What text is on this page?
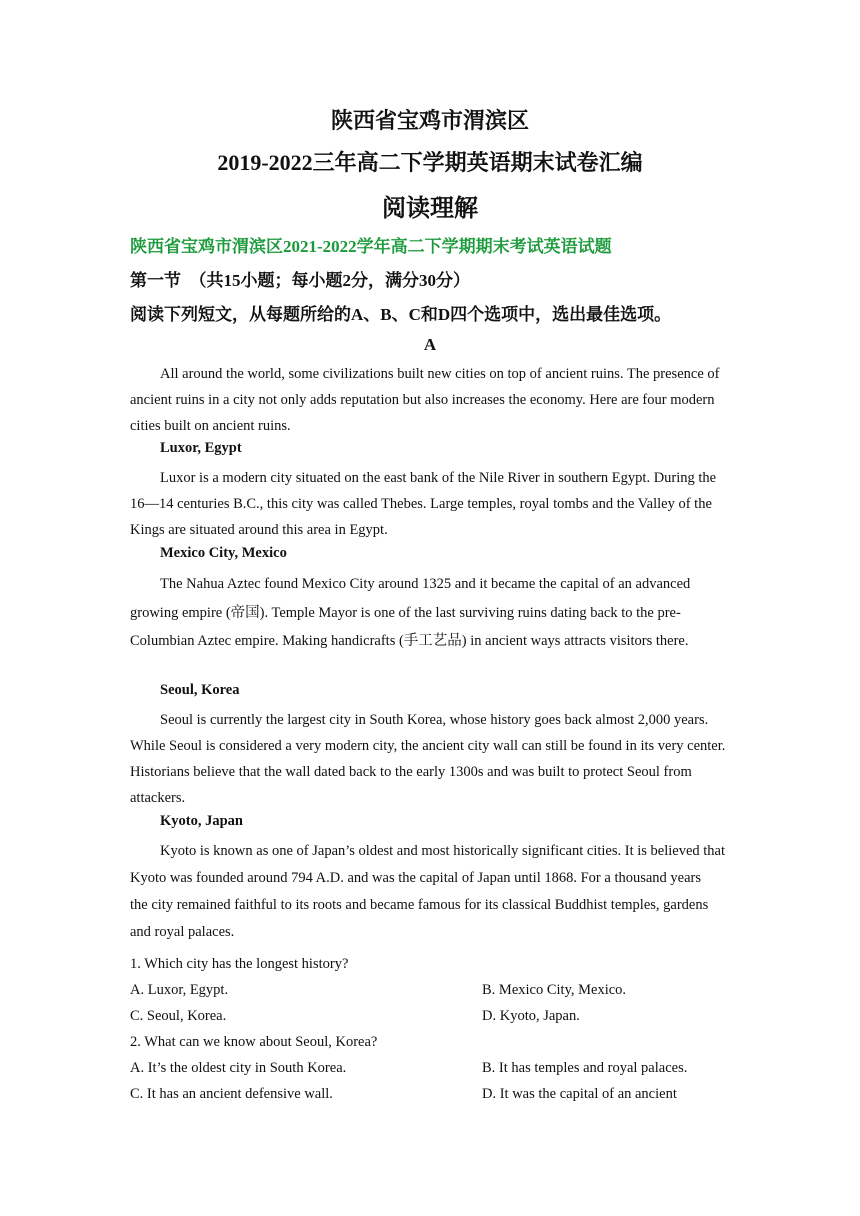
陕西省宝鸡市渭滨区
2019-2022三年高二下学期英语期末试卷汇编
阅读理解
陕西省宝鸡市渭滨区2021-2022学年高二下学期期末考试英语试题
第一节　（共15小题；每小题2分，满分30分）
阅读下列短文，从每题所给的A、B、C和D四个选项中，选出最佳选项。
A
All around the world, some civilizations built new cities on top of ancient ruins. The presence of ancient ruins in a city not only adds reputation but also increases the economy. Here are four modern cities built on ancient ruins.
Luxor, Egypt
Luxor is a modern city situated on the east bank of the Nile River in southern Egypt. During the 16—14 centuries B.C., this city was called Thebes. Large temples, royal tombs and the Valley of the Kings are situated around this area in Egypt.
Mexico City, Mexico
The Nahua Aztec found Mexico City around 1325 and it became the capital of an advanced growing empire (帝国). Temple Mayor is one of the last surviving ruins dating back to the pre-Columbian Aztec empire. Making handicrafts (手工艺品) in ancient ways attracts visitors there.
Seoul, Korea
Seoul is currently the largest city in South Korea, whose history goes back almost 2,000 years. While Seoul is considered a very modern city, the ancient city wall can still be found in its very center. Historians believe that the wall dated back to the early 1300s and was built to protect Seoul from attackers.
Kyoto, Japan
Kyoto is known as one of Japan’s oldest and most historically significant cities. It is believed that Kyoto was founded around 794 A.D. and was the capital of Japan until 1868. For a thousand years　the city remained faithful to its roots and became famous for its classical Buddhist temples, gardens and royal palaces.
1. Which city has the longest history?
A. Luxor, Egypt.	B. Mexico City, Mexico.
C. Seoul, Korea.	D. Kyoto, Japan.
2. What can we know about Seoul, Korea?
A. It’s the oldest city in South Korea.	B. It has temples and royal palaces.
C. It has an ancient defensive wall.	D. It was the capital of an ancient
